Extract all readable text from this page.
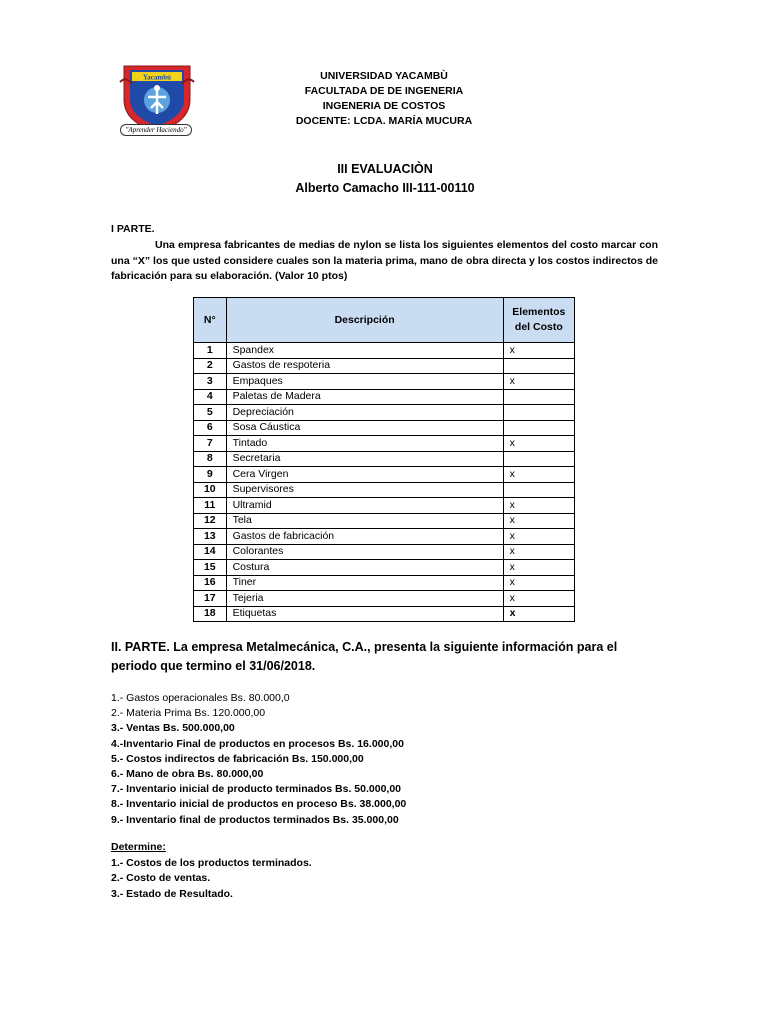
Yacambú
"Aprender Haciendo"
UNIVERSIDAD YACAMBÙ
FACULTADA DE DE INGENERIA
INGENERIA DE COSTOS
DOCENTE: LCDA. MARÍA MUCURA
III EVALUACIÒN
Alberto Camacho III-111-00110
I PARTE.
Una empresa fabricantes de medias de nylon se lista los siguientes elementos del costo marcar con una “X” los que usted considere cuales son la materia prima, mano de obra directa y los costos indirectos de fabricación para su elaboración. (Valor 10 ptos)
N°	Descripción	Elementos del Costo
1	Spandex	x
2	Gastos de respoteria	
3	Empaques	x
4	Paletas de Madera	
5	Depreciación	
6	Sosa Cáustica	
7	Tintado	x
8	Secretaria	
9	Cera Virgen	x
10	Supervisores	
11	Ultramid	x
12	Tela	x
13	Gastos de fabricación	x
14	Colorantes	x
15	Costura	x
16	Tiner	x
17	Tejeria	x
18	Etiquetas	x
II. PARTE. La empresa Metalmecánica, C.A., presenta la siguiente información para el periodo que termino el 31/06/2018.
1.- Gastos operacionales Bs. 80.000,0
2.- Materia Prima Bs. 120.000,00
3.- Ventas Bs. 500.000,00
4.-Inventario Final de productos en procesos Bs. 16.000,00
5.- Costos indirectos de fabricación Bs. 150.000,00
6.- Mano de obra Bs. 80.000,00
7.- Inventario inicial de producto terminados Bs. 50.000,00
8.- Inventario inicial de productos en proceso Bs. 38.000,00
9.- Inventario final de productos terminados Bs. 35.000,00
Determine:
1.- Costos de los productos terminados.
2.- Costo de ventas.
3.- Estado de Resultado.
